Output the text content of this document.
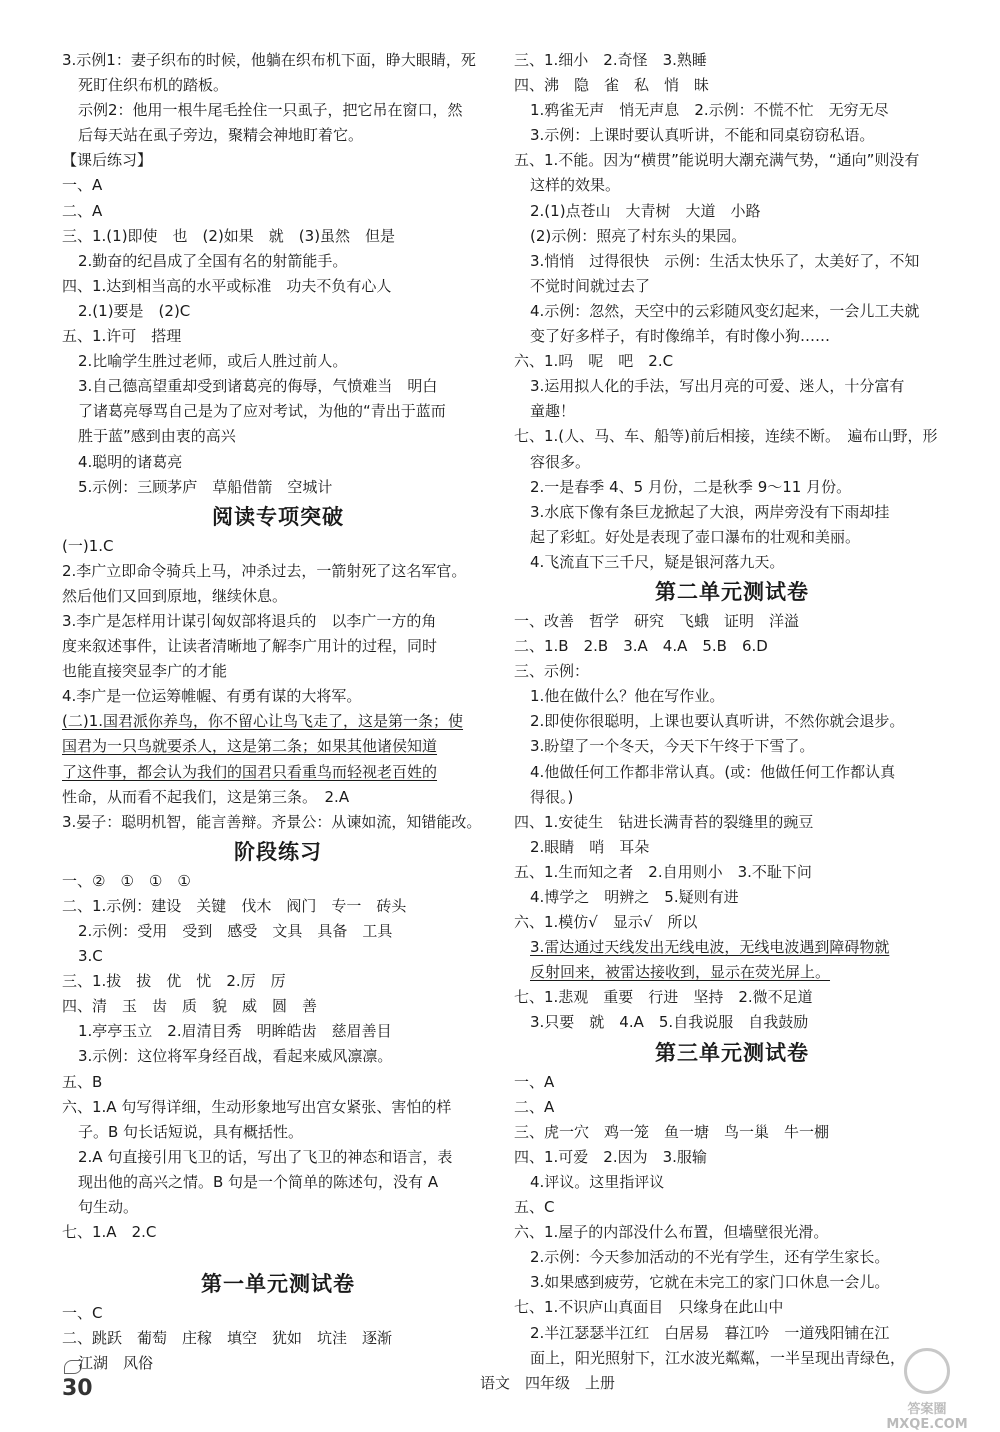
3.示例1：妻子织布的时候，他躺在织布机下面，睁大眼睛，死
死盯住织布机的踏板。
示例2：他用一根牛尾毛拴住一只虱子，把它吊在窗口，然
后每天站在虱子旁边，聚精会神地盯着它。
【课后练习】
一、A
二、A
三、1.(1)即使　也　(2)如果　就　(3)虽然　但是
2.勤奋的纪昌成了全国有名的射箭能手。
四、1.达到相当高的水平或标准　功夫不负有心人
2.(1)要是　(2)C
五、1.许可　搭理
2.比喻学生胜过老师，或后人胜过前人。
3.自己德高望重却受到诸葛亮的侮辱，气愤难当　明白
了诸葛亮辱骂自己是为了应对考试，为他的“青出于蓝而
胜于蓝”感到由衷的高兴
4.聪明的诸葛亮
5.示例：三顾茅庐　草船借箭　空城计
阅读专项突破
(一)1.C
2.李广立即命令骑兵上马，冲杀过去，一箭射死了这名军官。
然后他们又回到原地，继续休息。
3.李广是怎样用计谋引匈奴部将退兵的　以李广一方的角
度来叙述事件，让读者清晰地了解李广用计的过程，同时
也能直接突显李广的才能
4.李广是一位运筹帷幄、有勇有谋的大将军。
(二)1.国君派你养鸟，你不留心让鸟飞走了，这是第一条；使
国君为一只鸟就要杀人，这是第二条；如果其他诸侯知道
了这件事，都会认为我们的国君只看重鸟而轻视老百姓的
性命，从而看不起我们，这是第三条。　2.A
3.晏子：聪明机智，能言善辩。齐景公：从谏如流，知错能改。
阶段练习
一、②　①　①　①
二、1.示例：建设　关键　伐木　阀门　专一　砖头
2.示例：受用　受到　感受　文具　具备　工具
3.C
三、1.拔　拔　优　忧　2.厉　厉
四、清　玉　齿　质　貌　威　圆　善
1.亭亭玉立　2.眉清目秀　明眸皓齿　慈眉善目
3.示例：这位将军身经百战，看起来威风凛凛。
五、B
六、1.A 句写得详细，生动形象地写出宫女紧张、害怕的样
子。B 句长话短说，具有概括性。
2.A 句直接引用飞卫的话，写出了飞卫的神态和语言，表
现出他的高兴之情。B 句是一个简单的陈述句，没有 A
句生动。
七、1.A　2.C
第一单元测试卷
一、C
二、跳跃　葡萄　庄稼　填空　犹如　坑洼　逐渐
江湖　风俗
三、1.细小　2.奇怪　3.熟睡
四、沸　隐　雀　私　悄　昧
1.鸦雀无声　悄无声息　2.示例：不慌不忙　无穷无尽
3.示例：上课时要认真听讲，不能和同桌窃窃私语。
五、1.不能。因为“横贯”能说明大潮充满气势，“通向”则没有
这样的效果。
2.(1)点苍山　大青树　大道　小路
(2)示例：照亮了村东头的果园。
3.悄悄　过得很快　示例：生活太快乐了，太美好了，不知
不觉时间就过去了
4.示例：忽然，天空中的云彩随风变幻起来，一会儿工夫就
变了好多样子，有时像绵羊，有时像小狗……
六、1.吗　呢　吧　2.C
3.运用拟人化的手法，写出月亮的可爱、迷人，十分富有
童趣！
七、1.(人、马、车、船等)前后相接，连续不断。　遍布山野，形
容很多。
2.一是春季 4、5 月份，二是秋季 9～11 月份。
3.水底下像有条巨龙掀起了大浪，两岸旁没有下雨却挂
起了彩虹。好处是表现了壶口瀑布的壮观和美丽。
4.飞流直下三千尺，疑是银河落九天。
第二单元测试卷
一、改善　哲学　研究　飞蛾　证明　洋溢
二、1.B　2.B　3.A　4.A　5.B　6.D
三、示例：
1.他在做什么？他在写作业。
2.即使你很聪明，上课也要认真听讲，不然你就会退步。
3.盼望了一个冬天，今天下午终于下雪了。
4.他做任何工作都非常认真。(或：他做任何工作都认真
得很。)
四、1.安徒生　钻进长满青苔的裂缝里的豌豆
2.眼睛　哨　耳朵
五、1.生而知之者　2.自用则小　3.不耻下问
4.博学之　明辨之　5.疑则有进
六、1.模仿√　显示√　所以
3.雷达通过天线发出无线电波，无线电波遇到障碍物就
反射回来，被雷达接收到，显示在荧光屏上。
七、1.悲观　重要　行进　坚持　2.微不足道
3.只要　就　4.A　5.自我说服　自我鼓励
第三单元测试卷
一、A
二、A
三、虎一穴　鸡一笼　鱼一塘　鸟一巢　牛一棚
四、1.可爱　2.因为　3.服输
4.评议。这里指评议
五、C
六、1.屋子的内部没什么布置，但墙壁很光滑。
2.示例：今天参加活动的不光有学生，还有学生家长。
3.如果感到疲劳，它就在未完工的家门口休息一会儿。
七、1.不识庐山真面目　只缘身在此山中
2.半江瑟瑟半江红　白居易　暮江吟　一道残阳铺在江
面上，阳光照射下，江水波光粼粼，一半呈现出青绿色，
30	语文　四年级　上册
答案圈
MXQE.COM
